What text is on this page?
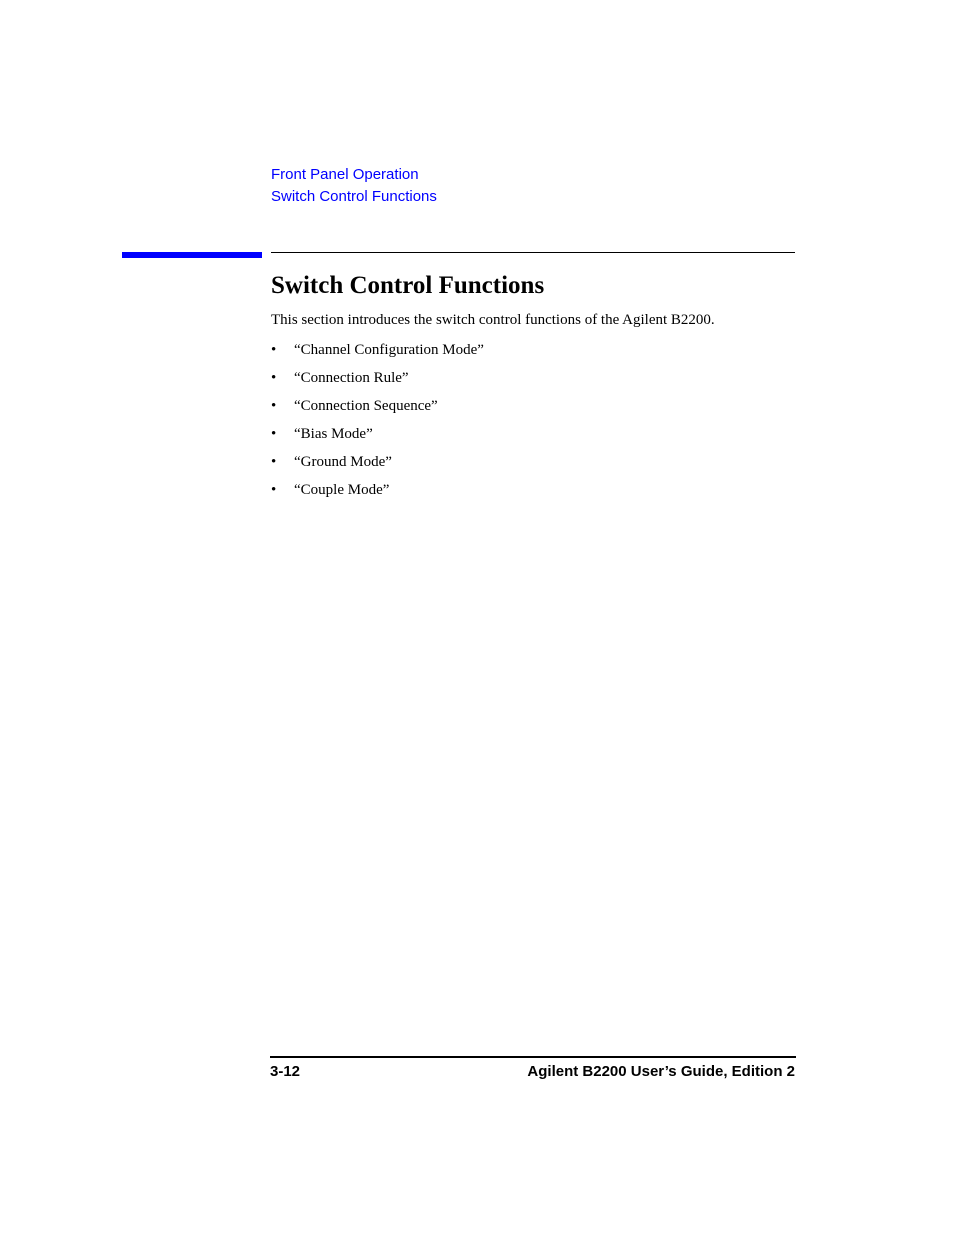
Front Panel Operation
Switch Control Functions
Switch Control Functions

This section introduces the switch control functions of the Agilent B2200.

• “Channel Configuration Mode”
• “Connection Rule”
• “Connection Sequence”
• “Bias Mode”
• “Ground Mode”
• “Couple Mode”
3-12	Agilent B2200 User’s Guide, Edition 2
